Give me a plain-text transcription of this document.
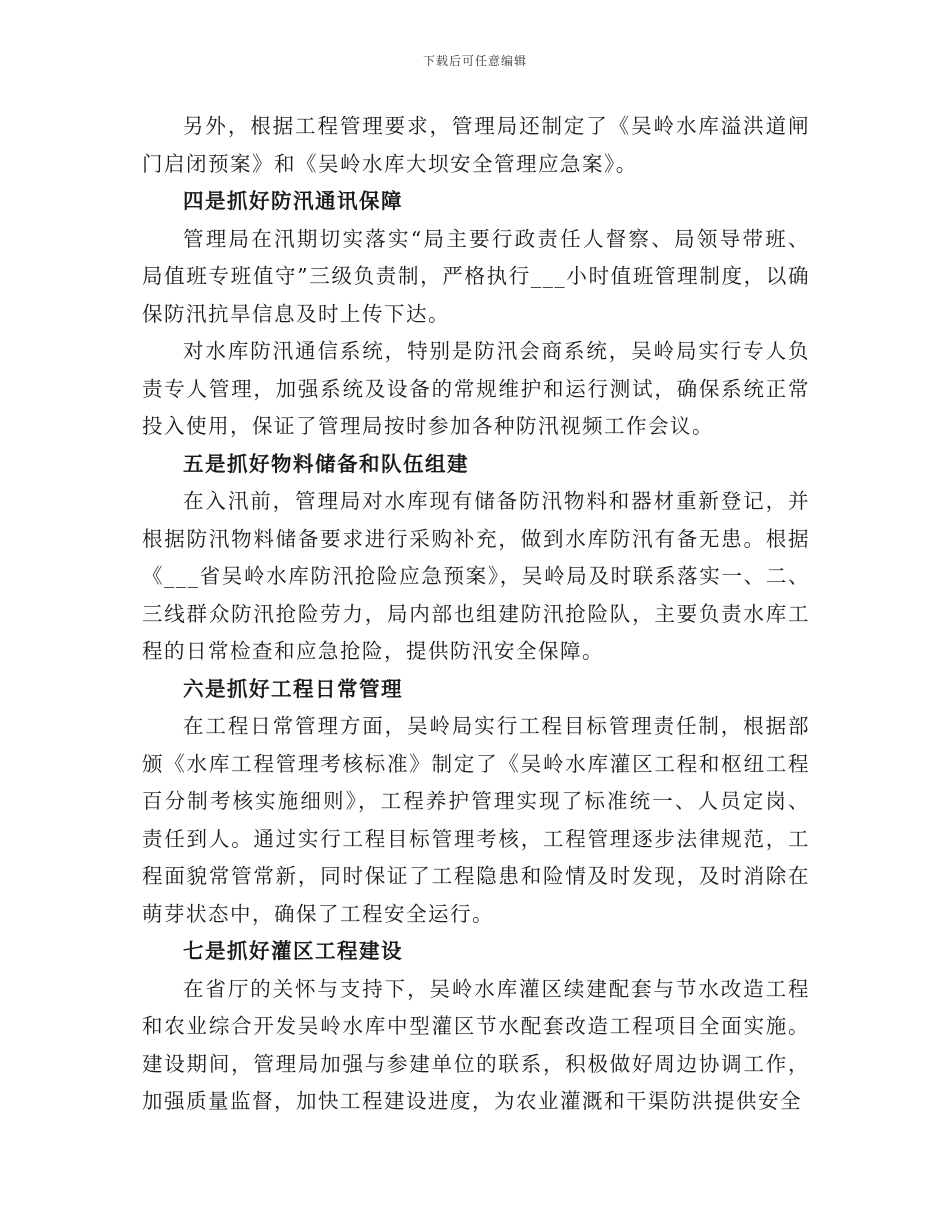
下载后可任意编辑

另外，根据工程管理要求，管理局还制定了《吴岭水库溢洪道闸门启闭预案》和《吴岭水库大坝安全管理应急案》。

四是抓好防汛通讯保障

管理局在汛期切实落实“局主要行政责任人督察、局领导带班、局值班专班值守”三级负责制，严格执行___小时值班管理制度，以确保防汛抗旱信息及时上传下达。

对水库防汛通信系统，特别是防汛会商系统，吴岭局实行专人负责专人管理，加强系统及设备的常规维护和运行测试，确保系统正常投入使用，保证了管理局按时参加各种防汛视频工作会议。

五是抓好物料储备和队伍组建

在入汛前，管理局对水库现有储备防汛物料和器材重新登记，并根据防汛物料储备要求进行采购补充，做到水库防汛有备无患。根据《___省吴岭水库防汛抢险应急预案》，吴岭局及时联系落实一、二、三线群众防汛抢险劳力，局内部也组建防汛抢险队，主要负责水库工程的日常检查和应急抢险，提供防汛安全保障。

六是抓好工程日常管理

在工程日常管理方面，吴岭局实行工程目标管理责任制，根据部颁《水库工程管理考核标准》制定了《吴岭水库灌区工程和枢纽工程百分制考核实施细则》，工程养护管理实现了标准统一、人员定岗、责任到人。通过实行工程目标管理考核，工程管理逐步法律规范，工程面貌常管常新，同时保证了工程隐患和险情及时发现，及时消除在萌芽状态中，确保了工程安全运行。

七是抓好灌区工程建设

在省厅的关怀与支持下，吴岭水库灌区续建配套与节水改造工程和农业综合开发吴岭水库中型灌区节水配套改造工程项目全面实施。建设期间，管理局加强与参建单位的联系，积极做好周边协调工作，加强质量监督，加快工程建设进度，为农业灌溉和干渠防洪提供安全
